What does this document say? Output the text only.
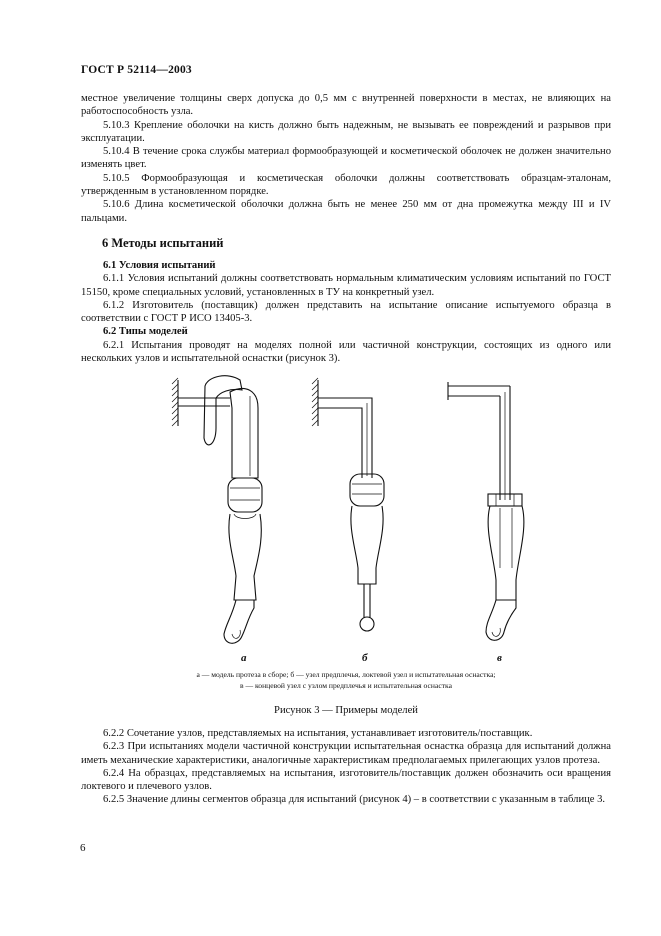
ГОСТ Р 52114—2003

местное увеличение толщины сверх допуска до 0,5 мм с внутренней поверхности в местах, не влияющих на работоспособность узла.

5.10.3 Крепление оболочки на кисть должно быть надежным, не вызывать ее повреждений и разрывов при эксплуатации.

5.10.4 В течение срока службы материал формообразующей и косметической оболочек не должен значительно изменять цвет.

5.10.5 Формообразующая и косметическая оболочки должны соответствовать образцам-эталонам, утвержденным в установленном порядке.

5.10.6 Длина косметической оболочки должна быть не менее 250 мм от дна промежутка между III и IV пальцами.

6 Методы испытаний

6.1 Условия испытаний

6.1.1 Условия испытаний должны соответствовать нормальным климатическим условиям испытаний по ГОСТ 15150, кроме специальных условий, установленных в ТУ на конкретный узел.

6.1.2 Изготовитель (поставщик) должен представить на испытание описание испытуемого образца в соответствии с ГОСТ Р ИСО 13405-3.

6.2 Типы моделей

6.2.1 Испытания проводят на моделях полной или частичной конструкции, состоящих из одного или нескольких узлов и испытательной оснастки (рисунок 3).

а	б	в
а — модель протеза в сборе; б — узел предплечья, локтевой узел и испытательная оснастка;
в — концевой узел с узлом предплечья и испытательная оснастка
Рисунок 3 — Примеры моделей

6.2.2 Сочетание узлов, представляемых на испытания, устанавливает изготовитель/поставщик.

6.2.3 При испытаниях модели частичной конструкции испытательная оснастка образца для испытаний должна иметь механические характеристики, аналогичные характеристикам предполагаемых прилегающих узлов протеза.

6.2.4 На образцах, представляемых на испытания, изготовитель/поставщик должен обозначить оси вращения локтевого и плечевого узлов.

6.2.5 Значение длины сегментов образца для испытаний (рисунок 4) – в соответствии с указанным в таблице 3.

6
